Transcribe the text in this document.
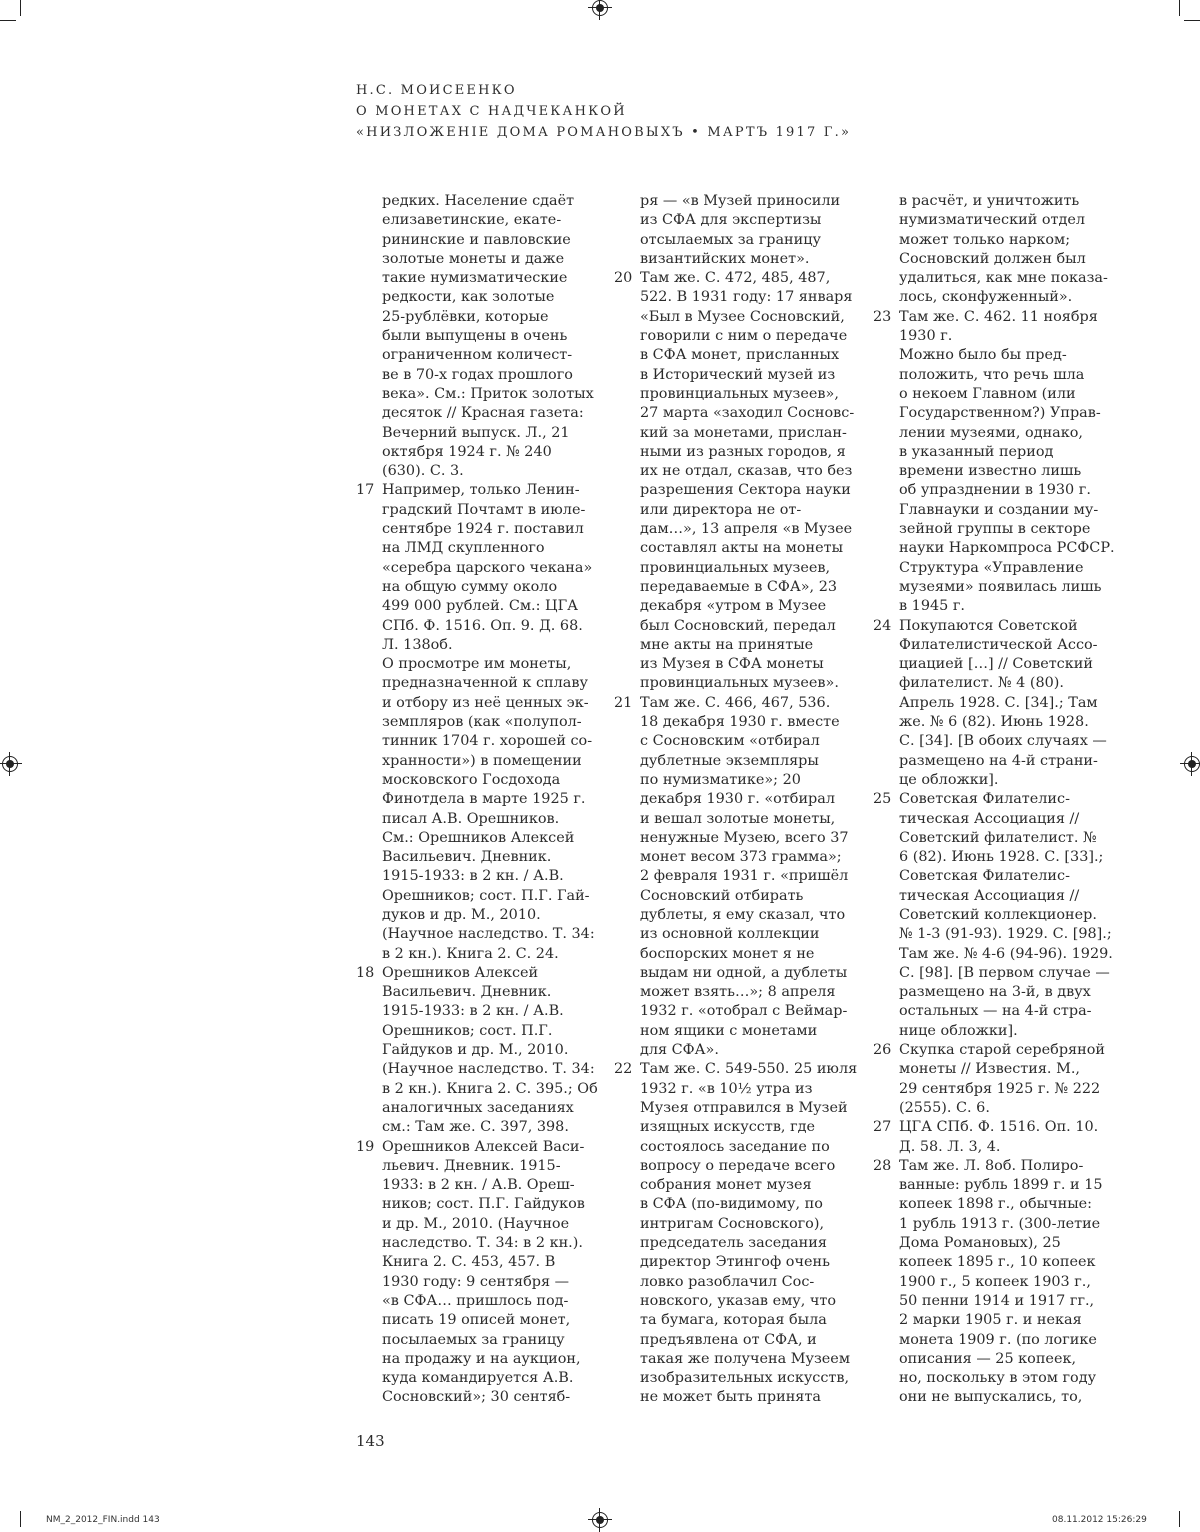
Н.С. МОИСЕЕНКО
О МОНЕТАХ С НАДЧЕКАНКОЙ
«НИЗЛОЖЕНIЕ ДОМА РОМАНОВЫХЪ • МАРТЪ 1917 Г.»
редких. Население сдаёт
елизаветинские, екате-
рининские и павловские
золотые монеты и даже
такие нумизматические
редкости, как золотые
25-рублёвки, которые
были выпущены в очень
ограниченном количест-
ве в 70-х годах прошлого
века». См.: Приток золотых
десяток // Красная газета:
Вечерний выпуск. Л., 21
октября 1924 г. № 240
(630). С. 3.
17 Например, только Ленин-
градский Почтамт в июле-
сентябре 1924 г. поставил
на ЛМД скупленного
«серебра царского чекана»
на общую сумму около
499 000 рублей. См.: ЦГА
СПб. Ф. 1516. Оп. 9. Д. 68.
Л. 138об.
О просмотре им монеты,
предназначенной к сплаву
и отбору из неё ценных эк-
земпляров (как «полупол-
тинник 1704 г. хорошей со-
хранности») в помещении
московского Госдохода
Финотдела в марте 1925 г.
писал А.В. Орешников.
См.: Орешников Алексей
Васильевич. Дневник.
1915-1933: в 2 кн. / А.В.
Орешников; сост. П.Г. Гай-
дуков и др. М., 2010.
(Научное наследство. Т. 34:
в 2 кн.). Книга 2. С. 24.
18 Орешников Алексей
Васильевич. Дневник.
1915-1933: в 2 кн. / А.В.
Орешников; сост. П.Г.
Гайдуков и др. М., 2010.
(Научное наследство. Т. 34:
в 2 кн.). Книга 2. С. 395.; Об
аналогичных заседаниях
см.: Там же. С. 397, 398.
19 Орешников Алексей Васи-
льевич. Дневник. 1915-
1933: в 2 кн. / А.В. Ореш-
ников; сост. П.Г. Гайдуков
и др. М., 2010. (Научное
наследство. Т. 34: в 2 кн.).
Книга 2. С. 453, 457. В
1930 году: 9 сентября —
«в СФА… пришлось под-
писать 19 описей монет,
посылаемых за границу
на продажу и на аукцион,
куда командируется А.В.
Сосновский»; 30 сентяб-
ря — «в Музей приносили
из СФА для экспертизы
отсылаемых за границу
византийских монет».
20 Там же. С. 472, 485, 487,
522. В 1931 году: 17 января
«Был в Музее Сосновский,
говорили с ним о передаче
в СФА монет, присланных
в Исторический музей из
провинциальных музеев»,
27 марта «заходил Сосновс-
кий за монетами, прислан-
ными из разных городов, я
их не отдал, сказав, что без
разрешения Сектора науки
или директора не от-
дам…», 13 апреля «в Музее
составлял акты на монеты
провинциальных музеев,
передаваемые в СФА», 23
декабря «утром в Музее
был Сосновский, передал
мне акты на принятые
из Музея в СФА монеты
провинциальных музеев».
21 Там же. С. 466, 467, 536.
18 декабря 1930 г. вместе
с Сосновским «отбирал
дублетные экземпляры
по нумизматике»; 20
декабря 1930 г. «отбирал
и вешал золотые монеты,
ненужные Музею, всего 37
монет весом 373 грамма»;
2 февраля 1931 г. «пришёл
Сосновский отбирать
дублеты, я ему сказал, что
из основной коллекции
боспорских монет я не
выдам ни одной, а дублеты
может взять…»; 8 апреля
1932 г. «отобрал с Веймар-
ном ящики с монетами
для СФА».
22 Там же. С. 549-550. 25 июля
1932 г. «в 10½ утра из
Музея отправился в Музей
изящных искусств, где
состоялось заседание по
вопросу о передаче всего
собрания монет музея
в СФА (по-видимому, по
интригам Сосновского),
председатель заседания
директор Этингоф очень
ловко разоблачил Сос-
новского, указав ему, что
та бумага, которая была
предъявлена от СФА, и
такая же получена Музеем
изобразительных искусств,
не может быть принята
в расчёт, и уничтожить
нумизматический отдел
может только нарком;
Сосновский должен был
удалиться, как мне показа-
лось, сконфуженный».
23 Там же. С. 462. 11 ноября
1930 г.
Можно было бы пред-
положить, что речь шла
о некоем Главном (или
Государственном?) Управ-
лении музеями, однако,
в указанный период
времени известно лишь
об упразднении в 1930 г.
Главнауки и создании му-
зейной группы в секторе
науки Наркомпроса РСФСР.
Структура «Управление
музеями» появилась лишь
в 1945 г.
24 Покупаются Советской
Филателистической Ассо-
циацией […] // Советский
филателист. № 4 (80).
Апрель 1928. С. [34].; Там
же. № 6 (82). Июнь 1928.
С. [34]. [В обоих случаях —
размещено на 4-й страни-
це обложки].
25 Советская Филателис-
тическая Ассоциация //
Советский филателист. №
6 (82). Июнь 1928. С. [33].;
Советская Филателис-
тическая Ассоциация //
Советский коллекционер.
№ 1-3 (91-93). 1929. С. [98].;
Там же. № 4-6 (94-96). 1929.
С. [98]. [В первом случае —
размещено на 3-й, в двух
остальных — на 4-й стра-
нице обложки].
26 Скупка старой серебряной
монеты // Известия. М.,
29 сентября 1925 г. № 222
(2555). С. 6.
27 ЦГА СПб. Ф. 1516. Оп. 10.
Д. 58. Л. 3, 4.
28 Там же. Л. 8об. Полиро-
ванные: рубль 1899 г. и 15
копеек 1898 г., обычные:
1 рубль 1913 г. (300-летие
Дома Романовых), 25
копеек 1895 г., 10 копеек
1900 г., 5 копеек 1903 г.,
50 пенни 1914 и 1917 гг.,
2 марки 1905 г. и некая
монета 1909 г. (по логике
описания — 25 копеек,
но, поскольку в этом году
они не выпускались, то,
143
NM_2_2012_FIN.indd 143	08.11.2012 15:26:29
